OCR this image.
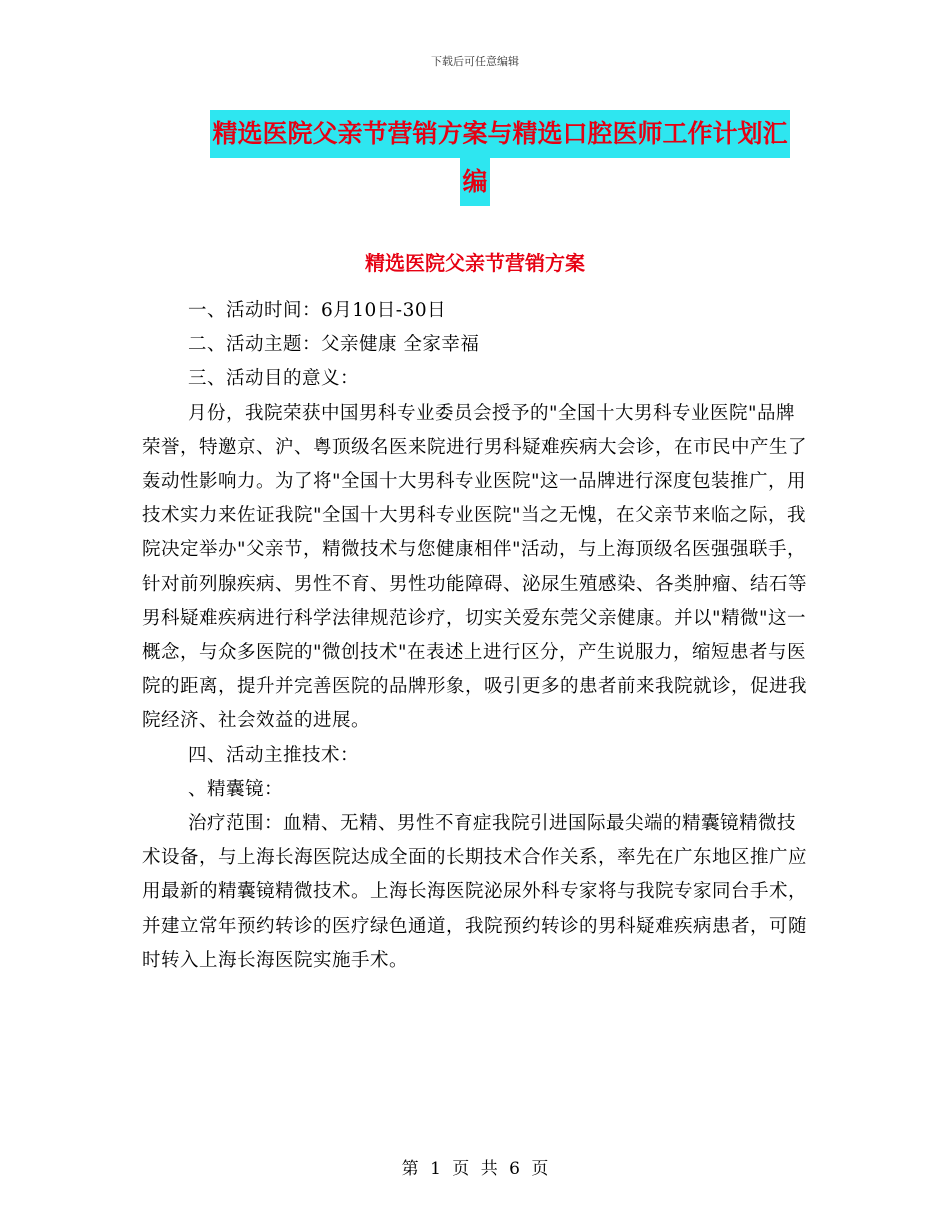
下载后可任意编辑
精选医院父亲节营销方案与精选口腔医师工作计划汇
编
精选医院父亲节营销方案

一、活动时间：6月10日-30日

二、活动主题：父亲健康 全家幸福

三、活动目的意义：

月份，我院荣获中国男科专业委员会授予的"全国十大男科专业医院"品牌荣誉，特邀京、沪、粤顶级名医来院进行男科疑难疾病大会诊，在市民中产生了轰动性影响力。为了将"全国十大男科专业医院"这一品牌进行深度包装推广，用技术实力来佐证我院"全国十大男科专业医院"当之无愧，在父亲节来临之际，我院决定举办"父亲节，精微技术与您健康相伴"活动，与上海顶级名医强强联手，针对前列腺疾病、男性不育、男性功能障碍、泌尿生殖感染、各类肿瘤、结石等男科疑难疾病进行科学法律规范诊疗，切实关爱东莞父亲健康。并以"精微"这一概念，与众多医院的"微创技术"在表述上进行区分，产生说服力，缩短患者与医院的距离，提升并完善医院的品牌形象，吸引更多的患者前来我院就诊，促进我院经济、社会效益的进展。

四、活动主推技术：

、精囊镜：

治疗范围：血精、无精、男性不育症我院引进国际最尖端的精囊镜精微技术设备，与上海长海医院达成全面的长期技术合作关系，率先在广东地区推广应用最新的精囊镜精微技术。上海长海医院泌尿外科专家将与我院专家同台手术，并建立常年预约转诊的医疗绿色通道，我院预约转诊的男科疑难疾病患者，可随时转入上海长海医院实施手术。

第 1 页 共 6 页
